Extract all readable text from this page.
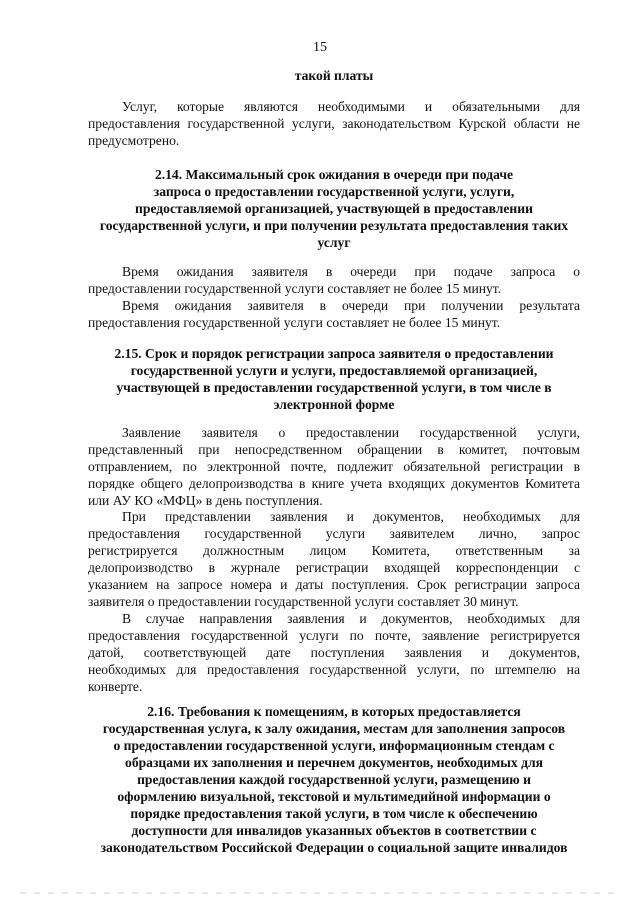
15
такой платы
Услуг, которые являются необходимыми и обязательными для
предоставления государственной услуги, законодательством Курской области не
предусмотрено.
2.14. Максимальный срок ожидания в очереди при подаче
запроса о предоставлении государственной услуги, услуги,
предоставляемой организацией, участвующей в предоставлении
государственной услуги, и при получении результата предоставления таких
услуг
Время ожидания заявителя в очереди при подаче запроса о
предоставлении государственной услуги составляет не более 15 минут.
Время ожидания заявителя в очереди при получении результата
предоставления государственной услуги составляет не более 15 минут.
2.15. Срок и порядок регистрации запроса заявителя о предоставлении
государственной услуги и услуги, предоставляемой организацией,
участвующей в предоставлении государственной услуги, в том числе в
электронной форме
Заявление заявителя о предоставлении государственной услуги,
представленный при непосредственном обращении в комитет, почтовым
отправлением, по электронной почте, подлежит обязательной регистрации в
порядке общего делопроизводства в книге учета входящих документов Комитета
или АУ КО «МФЦ» в день поступления.
При представлении заявления и документов, необходимых для
предоставления государственной услуги заявителем лично, запрос
регистрируется должностным лицом Комитета, ответственным за
делопроизводство в журнале регистрации входящей корреспонденции с
указанием на запросе номера и даты поступления. Срок регистрации запроса
заявителя о предоставлении государственной услуги составляет 30 минут.
В случае направления заявления и документов, необходимых для
предоставления государственной услуги по почте, заявление регистрируется
датой, соответствующей дате поступления заявления и документов,
необходимых для предоставления государственной услуги, по штемпелю на
конверте.
2.16. Требования к помещениям, в которых предоставляется
государственная услуга, к залу ожидания, местам для заполнения запросов
о предоставлении государственной услуги, информационным стендам с
образцами их заполнения и перечнем документов, необходимых для
предоставления каждой государственной услуги, размещению и
оформлению визуальной, текстовой и мультимедийной информации о
порядке предоставления такой услуги, в том числе к обеспечению
доступности для инвалидов указанных объектов в соответствии с
законодательством Российской Федерации о социальной защите инвалидов
